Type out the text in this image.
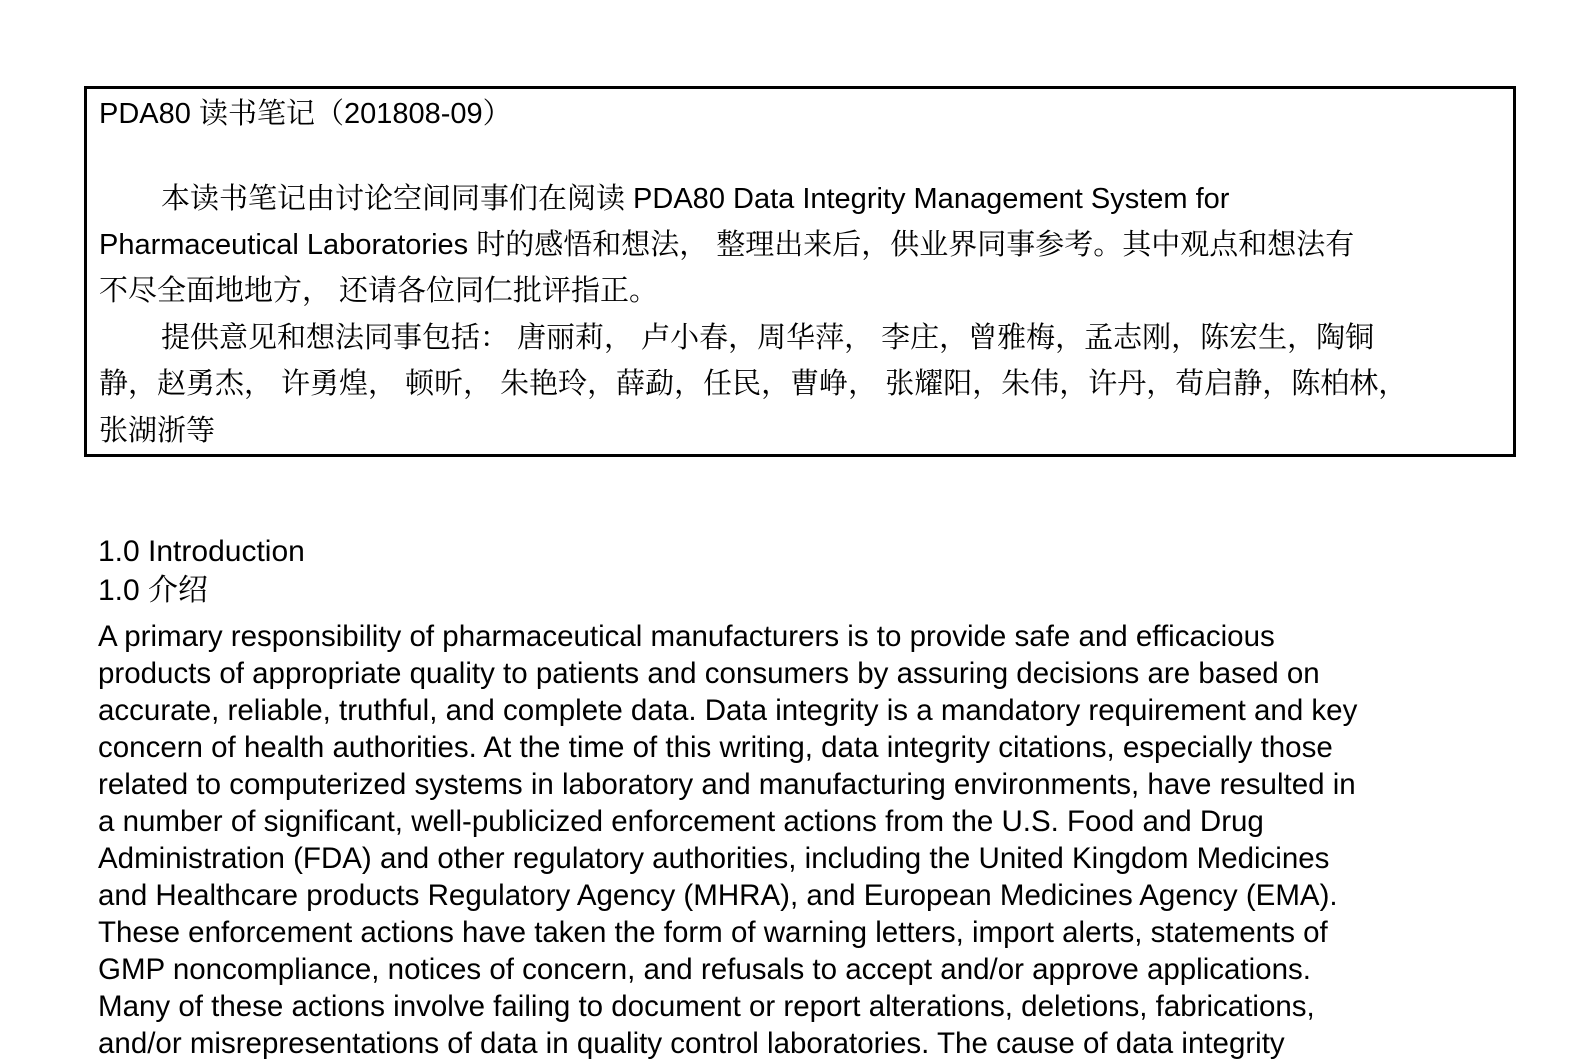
PDA80 读书笔记（201808-09）
本读书笔记由讨论空间同事们在阅读 PDA80 Data Integrity Management System for
Pharmaceutical Laboratories 时的感悟和想法， 整理出来后，供业界同事参考。其中观点和想法有
不尽全面地地方， 还请各位同仁批评指正。
提供意见和想法同事包括： 唐丽莉， 卢小春，周华萍， 李庄，曾雅梅，孟志刚，陈宏生，陶铜
静，赵勇杰， 许勇煌， 顿昕， 朱艳玲，薛勐，任民，曹峥， 张耀阳，朱伟，许丹，荀启静，陈柏林，
张湖浙等
1.0 Introduction
1.0 介绍
A primary responsibility of pharmaceutical manufacturers is to provide safe and efficacious
products of appropriate quality to patients and consumers by assuring decisions are based on
accurate, reliable, truthful, and complete data. Data integrity is a mandatory requirement and key
concern of health authorities. At the time of this writing, data integrity citations, especially those
related to computerized systems in laboratory and manufacturing environments, have resulted in
a number of significant, well-publicized enforcement actions from the U.S. Food and Drug
Administration (FDA) and other regulatory authorities, including the United Kingdom Medicines
and Healthcare products Regulatory Agency (MHRA), and European Medicines Agency (EMA).
These enforcement actions have taken the form of warning letters, import alerts, statements of
GMP noncompliance, notices of concern, and refusals to accept and/or approve applications.
Many of these actions involve failing to document or report alterations, deletions, fabrications,
and/or misrepresentations of data in quality control laboratories. The cause of data integrity
